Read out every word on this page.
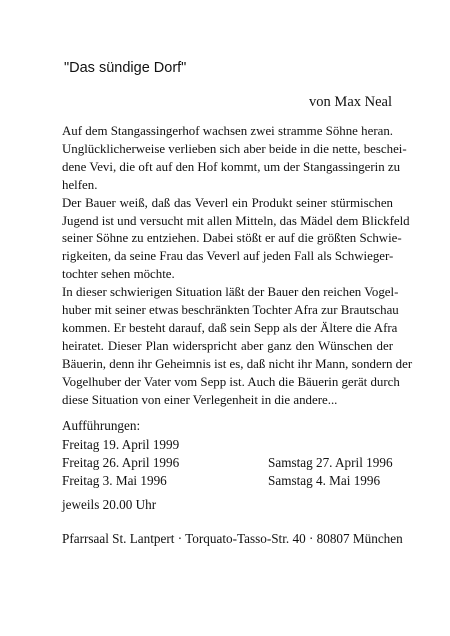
"Das sündige Dorf"
von Max Neal
Auf dem Stangassingerhof wachsen zwei stramme Söhne heran.
Unglücklicherweise verlieben sich aber beide in die nette, beschei-
dene Vevi, die oft auf den Hof kommt, um der Stangassingerin zu
helfen.
Der Bauer weiß, daß das Veverl ein Produkt seiner stürmischen
Jugend ist und versucht mit allen Mitteln, das Mädel dem Blickfeld
seiner Söhne zu entziehen. Dabei stößt er auf die größten Schwie-
rigkeiten, da seine Frau das Veverl auf jeden Fall als Schwieger-
tochter sehen möchte.
In dieser schwierigen Situation läßt der Bauer den reichen Vogel-
huber mit seiner etwas beschränkten Tochter Afra zur Brautschau
kommen. Er besteht darauf, daß sein Sepp als der Ältere die Afra
heiratet. Dieser Plan widerspricht aber ganz den Wünschen der
Bäuerin, denn ihr Geheimnis ist es, daß nicht ihr Mann, sondern der
Vogelhuber der Vater vom Sepp ist. Auch die Bäuerin gerät durch
diese Situation von einer Verlegenheit in die andere...
Aufführungen:
Freitag 19. April 1999
Freitag 26. April 1996	Samstag 27. April 1996
Freitag 3. Mai 1996	Samstag 4. Mai 1996
jeweils 20.00 Uhr
Pfarrsaal St. Lantpert · Torquato-Tasso-Str. 40 · 80807 München
